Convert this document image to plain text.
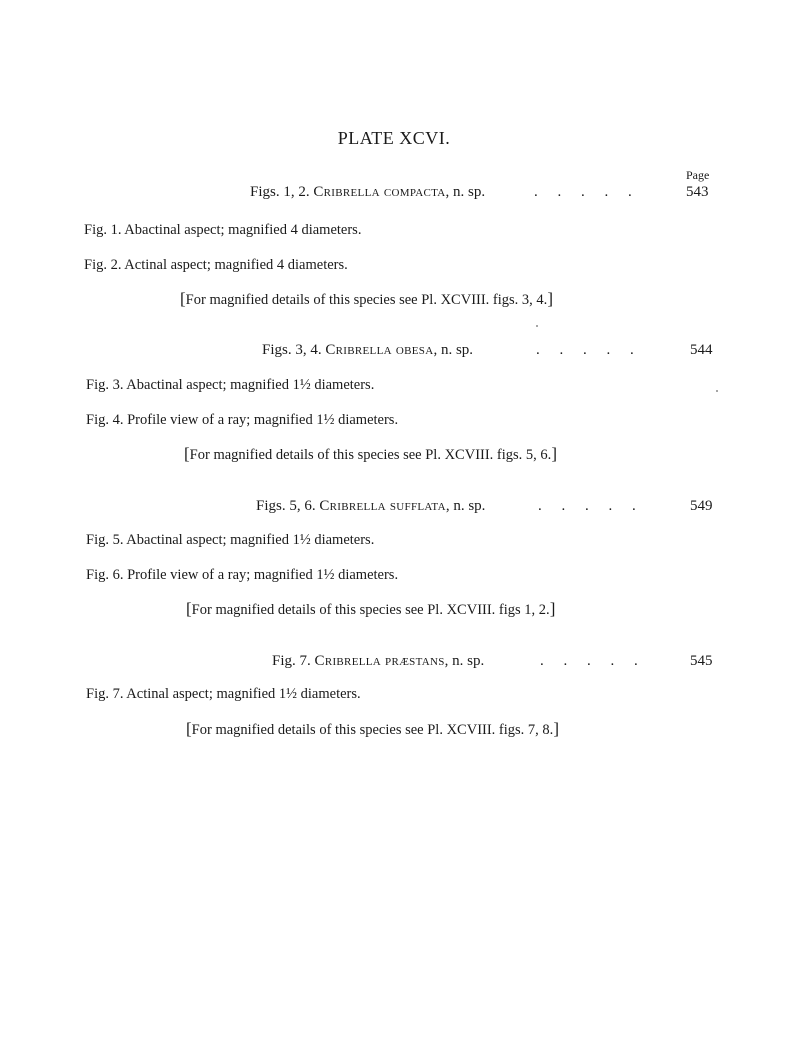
PLATE XCVI.
Page
Figs. 1, 2. Cribrella compacta, n. sp.	. . . . .	543
Fig. 1. Abactinal aspect; magnified 4 diameters.
Fig. 2. Actinal aspect; magnified 4 diameters.
[For magnified details of this species see Pl. XCVIII. figs. 3, 4.]
Figs. 3, 4. Cribrella obesa, n. sp.	. . . . .	544
Fig. 3. Abactinal aspect; magnified 1½ diameters.
Fig. 4. Profile view of a ray; magnified 1½ diameters.
[For magnified details of this species see Pl. XCVIII. figs. 5, 6.]
Figs. 5, 6. Cribrella sufflata, n. sp.	. . . . .	549
Fig. 5. Abactinal aspect; magnified 1½ diameters.
Fig. 6. Profile view of a ray; magnified 1½ diameters.
[For magnified details of this species see Pl. XCVIII. figs 1, 2.]
Fig. 7. Cribrella præstans, n. sp.	. . . . .	545
Fig. 7. Actinal aspect; magnified 1½ diameters.
[For magnified details of this species see Pl. XCVIII. figs. 7, 8.]
